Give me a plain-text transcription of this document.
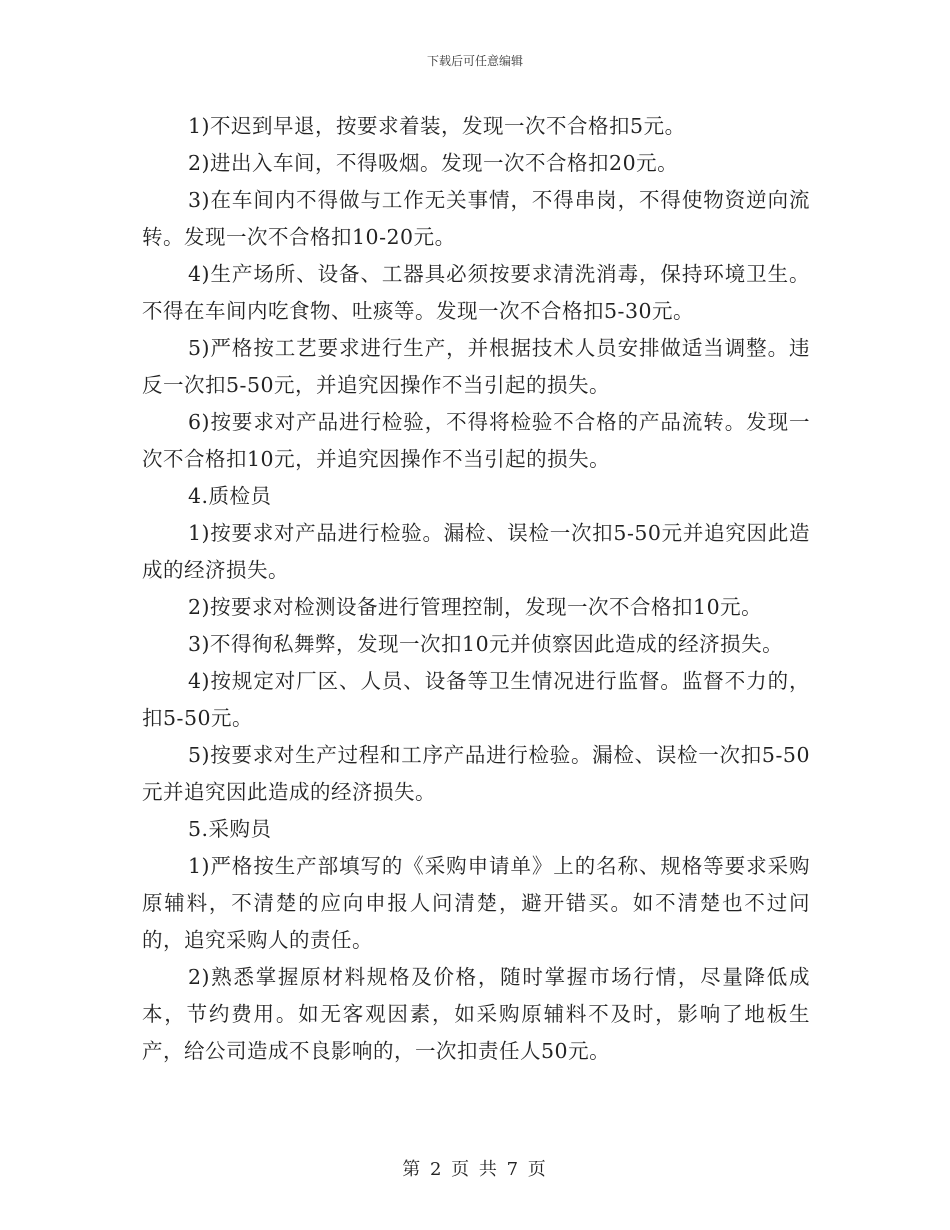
下载后可任意编辑

1)不迟到早退，按要求着装，发现一次不合格扣5元。

2)进出入车间，不得吸烟。发现一次不合格扣20元。

3)在车间内不得做与工作无关事情，不得串岗，不得使物资逆向流转。发现一次不合格扣10-20元。

4)生产场所、设备、工器具必须按要求清洗消毒，保持环境卫生。不得在车间内吃食物、吐痰等。发现一次不合格扣5-30元。

5)严格按工艺要求进行生产，并根据技术人员安排做适当调整。违反一次扣5-50元，并追究因操作不当引起的损失。

6)按要求对产品进行检验，不得将检验不合格的产品流转。发现一次不合格扣10元，并追究因操作不当引起的损失。

4.质检员

1)按要求对产品进行检验。漏检、误检一次扣5-50元并追究因此造成的经济损失。

2)按要求对检测设备进行管理控制，发现一次不合格扣10元。

3)不得徇私舞弊，发现一次扣10元并侦察因此造成的经济损失。

4)按规定对厂区、人员、设备等卫生情况进行监督。监督不力的，扣5-50元。

5)按要求对生产过程和工序产品进行检验。漏检、误检一次扣5-50元并追究因此造成的经济损失。

5.采购员

1)严格按生产部填写的《采购申请单》上的名称、规格等要求采购原辅料，不清楚的应向申报人问清楚，避开错买。如不清楚也不过问的，追究采购人的责任。

2)熟悉掌握原材料规格及价格，随时掌握市场行情，尽量降低成本，节约费用。如无客观因素，如采购原辅料不及时，影响了地板生产，给公司造成不良影响的，一次扣责任人50元。

第 2 页 共 7 页
